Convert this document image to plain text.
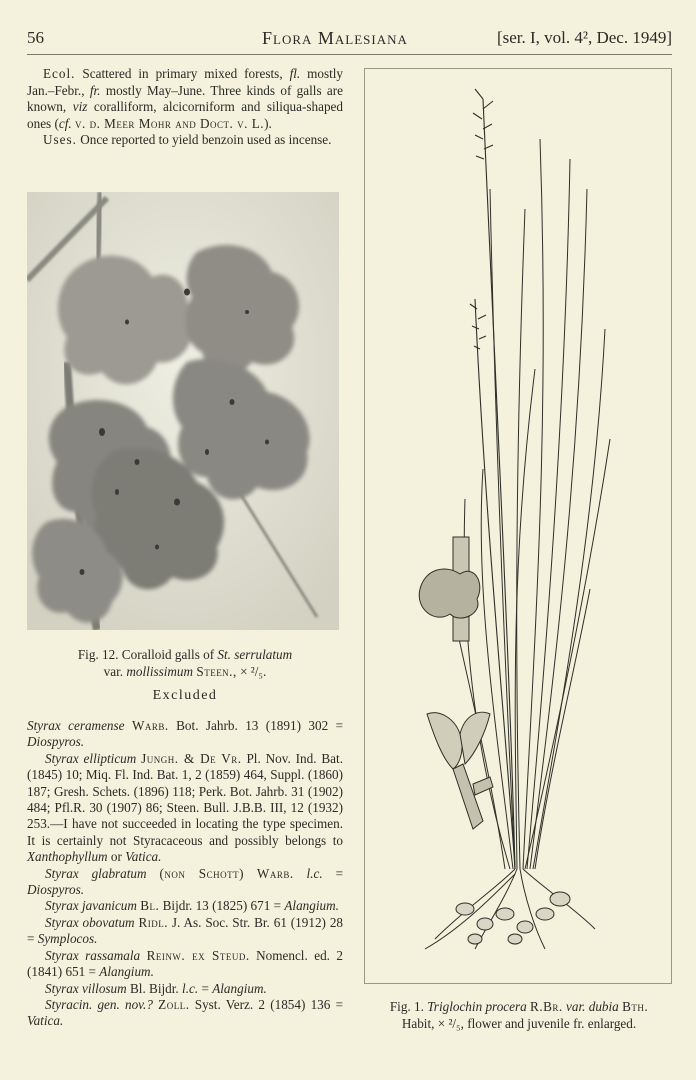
56	Flora Malesiana	[ser. I, vol. 4², Dec. 1949]

Ecol. Scattered in primary mixed forests, fl. mostly Jan.–Febr., fr. mostly May–June. Three kinds of galls are known, viz coralliform, alcicorniform and siliqua-shaped ones (cf. v. d. Meer Mohr and Doct. v. L.).

Uses. Once reported to yield benzoin used as incense.

Fig. 12. Coralloid galls of St. serrulatum
var. mollissimum Steen., × ²/₅.
Excluded

Styrax ceramense Warb. Bot. Jahrb. 13 (1891) 302 = Diospyros.

Styrax ellipticum Jungh. & De Vr. Pl. Nov. Ind. Bat. (1845) 10; Miq. Fl. Ind. Bat. 1, 2 (1859) 464, Suppl. (1860) 187; Gresh. Schets. (1896) 118; Perk. Bot. Jahrb. 31 (1902) 484; Pfl.R. 30 (1907) 86; Steen. Bull. J.B.B. III, 12 (1932) 253.—I have not succeeded in locating the type specimen. It is certainly not Styracaceous and possibly belongs to Xanthophyllum or Vatica.

Styrax glabratum (non Schott) Warb. l.c. = Diospyros.

Styrax javanicum Bl. Bijdr. 13 (1825) 671 = Alangium.

Styrax obovatum Ridl. J. As. Soc. Str. Br. 61 (1912) 28 = Symplocos.

Styrax rassamala Reinw. ex Steud. Nomencl. ed. 2 (1841) 651 = Alangium.

Styrax villosum Bl. Bijdr. l.c. = Alangium.

Styracin. gen. nov.? Zoll. Syst. Verz. 2 (1854) 136 = Vatica.

Fig. 1. Triglochin procera R.Br. var. dubia Bth.
Habit, × ²/₅, flower and juvenile fr. enlarged.
